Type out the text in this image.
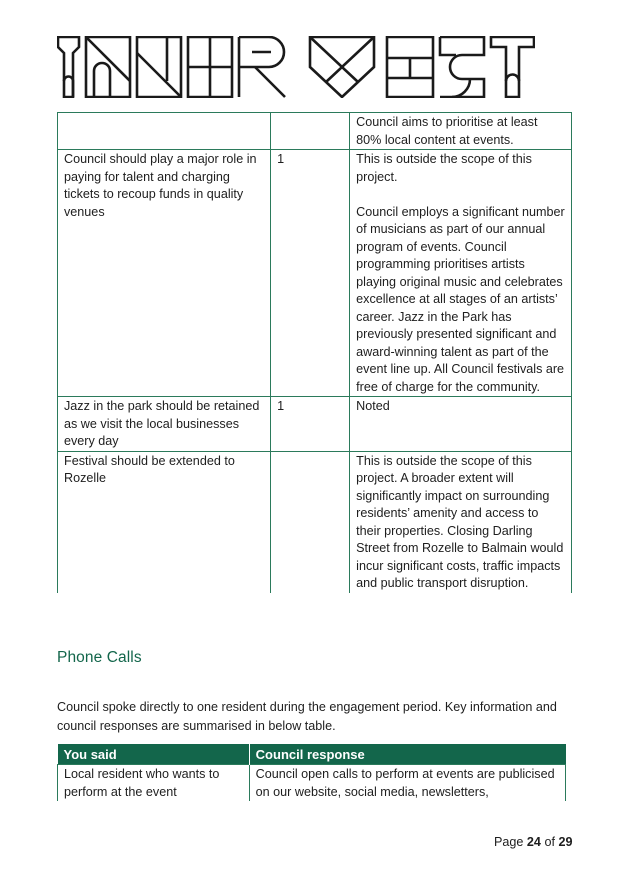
		Council aims to prioritise at least 80% local content at events.

Council should play a major role in paying for talent and charging tickets to recoup funds in quality venues	1	This is outside the scope of this project.
Council employs a significant number of musicians as part of our annual program of events. Council programming prioritises artists playing original music and celebrates excellence at all stages of an artists’ career. Jazz in the Park has previously presented significant and award-winning talent as part of the event line up. All Council festivals are free of charge for the community.

Jazz in the park should be retained as we visit the local businesses every day	1	Noted

Festival should be extended to Rozelle		This is outside the scope of this project. A broader extent will significantly impact on surrounding residents’ amenity and access to their properties. Closing Darling Street from Rozelle to Balmain would incur significant costs, traffic impacts and public transport disruption.
Phone Calls
Council spoke directly to one resident during the engagement period. Key information and council responses are summarised in below table.
You said	Council response
Local resident who wants to perform at the event	Council open calls to perform at events are publicised on our website, social media, newsletters,
Page 24 of 29
